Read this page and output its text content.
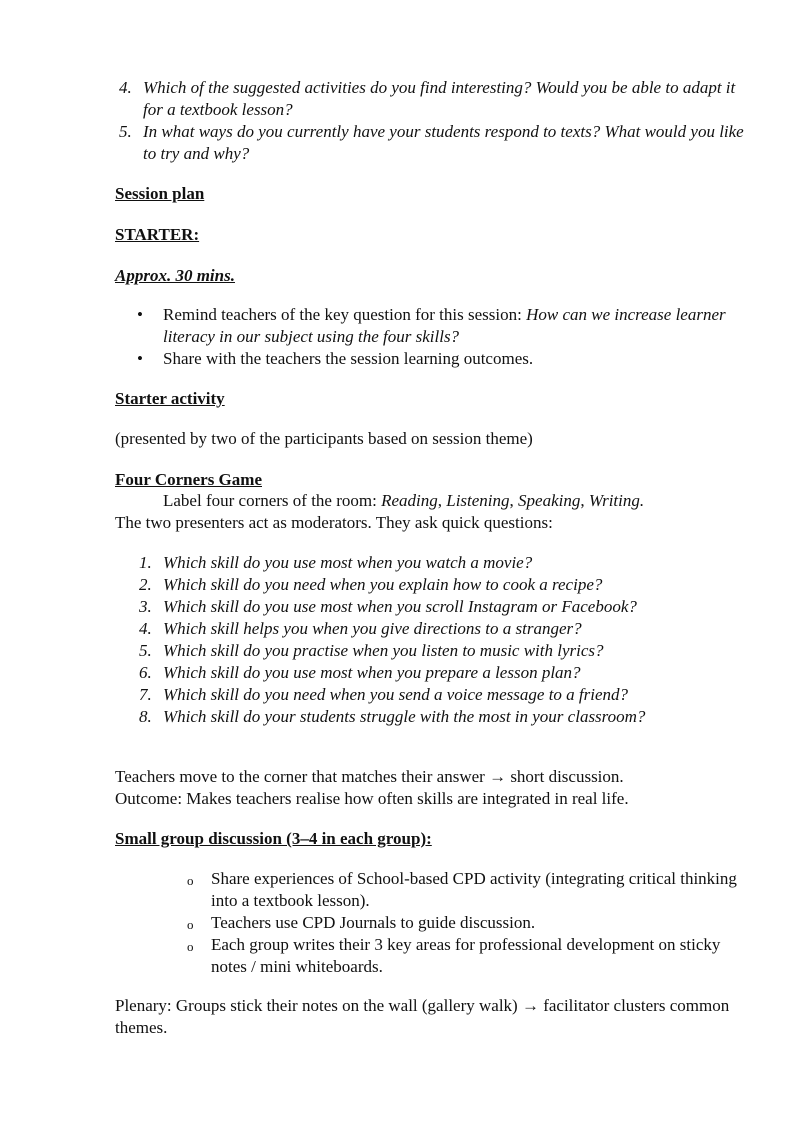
4. Which of the suggested activities do you find interesting? Would you be able to adapt it for a textbook lesson?
5. In what ways do you currently have your students respond to texts? What would you like to try and why?
Session plan
STARTER:
Approx. 30 mins.
• Remind teachers of the key question for this session: How can we increase learner literacy in our subject using the four skills?
• Share with the teachers the session learning outcomes.
Starter activity
(presented by two of the participants based on session theme)
Four Corners Game
Label four corners of the room: Reading, Listening, Speaking, Writing.
The two presenters act as moderators. They ask quick questions:
1. Which skill do you use most when you watch a movie?
2. Which skill do you need when you explain how to cook a recipe?
3. Which skill do you use most when you scroll Instagram or Facebook?
4. Which skill helps you when you give directions to a stranger?
5. Which skill do you practise when you listen to music with lyrics?
6. Which skill do you use most when you prepare a lesson plan?
7. Which skill do you need when you send a voice message to a friend?
8. Which skill do your students struggle with the most in your classroom?
Teachers move to the corner that matches their answer → short discussion.
Outcome: Makes teachers realise how often skills are integrated in real life.
Small group discussion (3–4 in each group):
o Share experiences of School-based CPD activity (integrating critical thinking into a textbook lesson).
o Teachers use CPD Journals to guide discussion.
o Each group writes their 3 key areas for professional development on sticky notes / mini whiteboards.
Plenary: Groups stick their notes on the wall (gallery walk) → facilitator clusters common themes.
